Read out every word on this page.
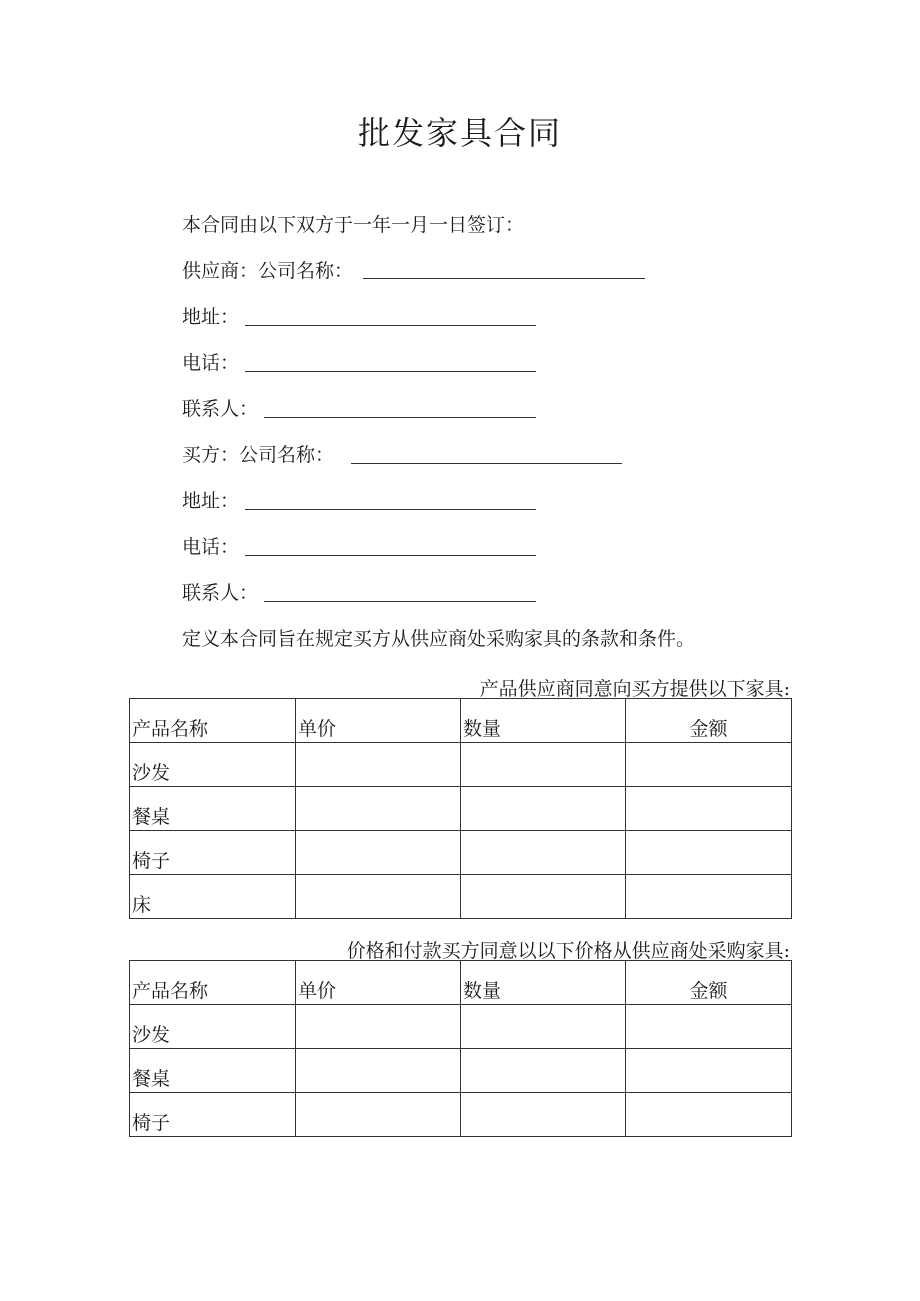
批发家具合同
本合同由以下双方于一年一月一日签订：
供应商：公司名称：
地址：
电话：
联系人：
买方：公司名称：
地址：
电话：
联系人：
定义本合同旨在规定买方从供应商处采购家具的条款和条件。
产品供应商同意向买方提供以下家具:
产品名称	单价	数量	金额
沙发			
餐桌			
椅子			
床			
价格和付款买方同意以以下价格从供应商处采购家具:
产品名称	单价	数量	金额
沙发			
餐桌			
椅子			
